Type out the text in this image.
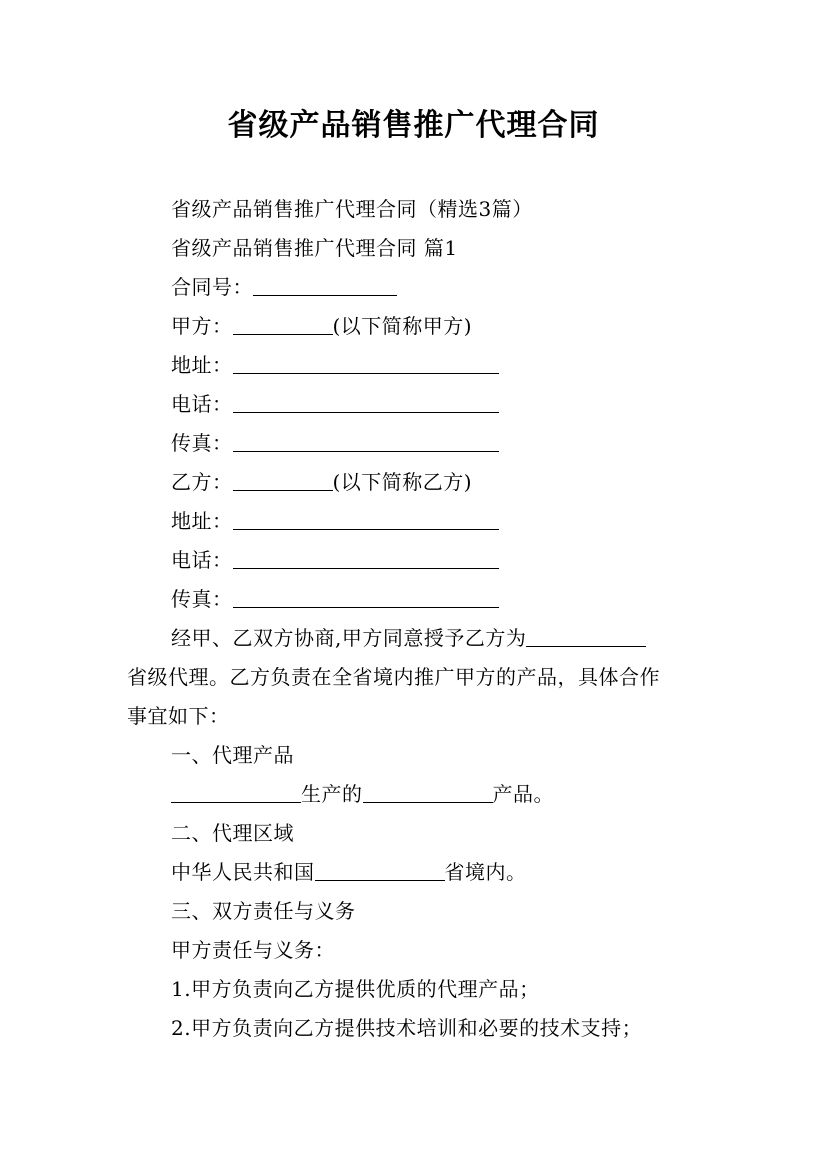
省级产品销售推广代理合同
省级产品销售推广代理合同（精选3篇）
省级产品销售推广代理合同 篇1
合同号：
甲方：	(以下简称甲方)
地址：
电话：
传真：
乙方：	(以下简称乙方)
地址：
电话：
传真：
经甲、乙双方协商,甲方同意授予乙方为
省级代理。乙方负责在全省境内推广甲方的产品，具体合作
事宜如下：
一、代理产品
生产的	产品。
二、代理区域
中华人民共和国	省境内。
三、双方责任与义务
甲方责任与义务：
1.甲方负责向乙方提供优质的代理产品；
2.甲方负责向乙方提供技术培训和必要的技术支持；
